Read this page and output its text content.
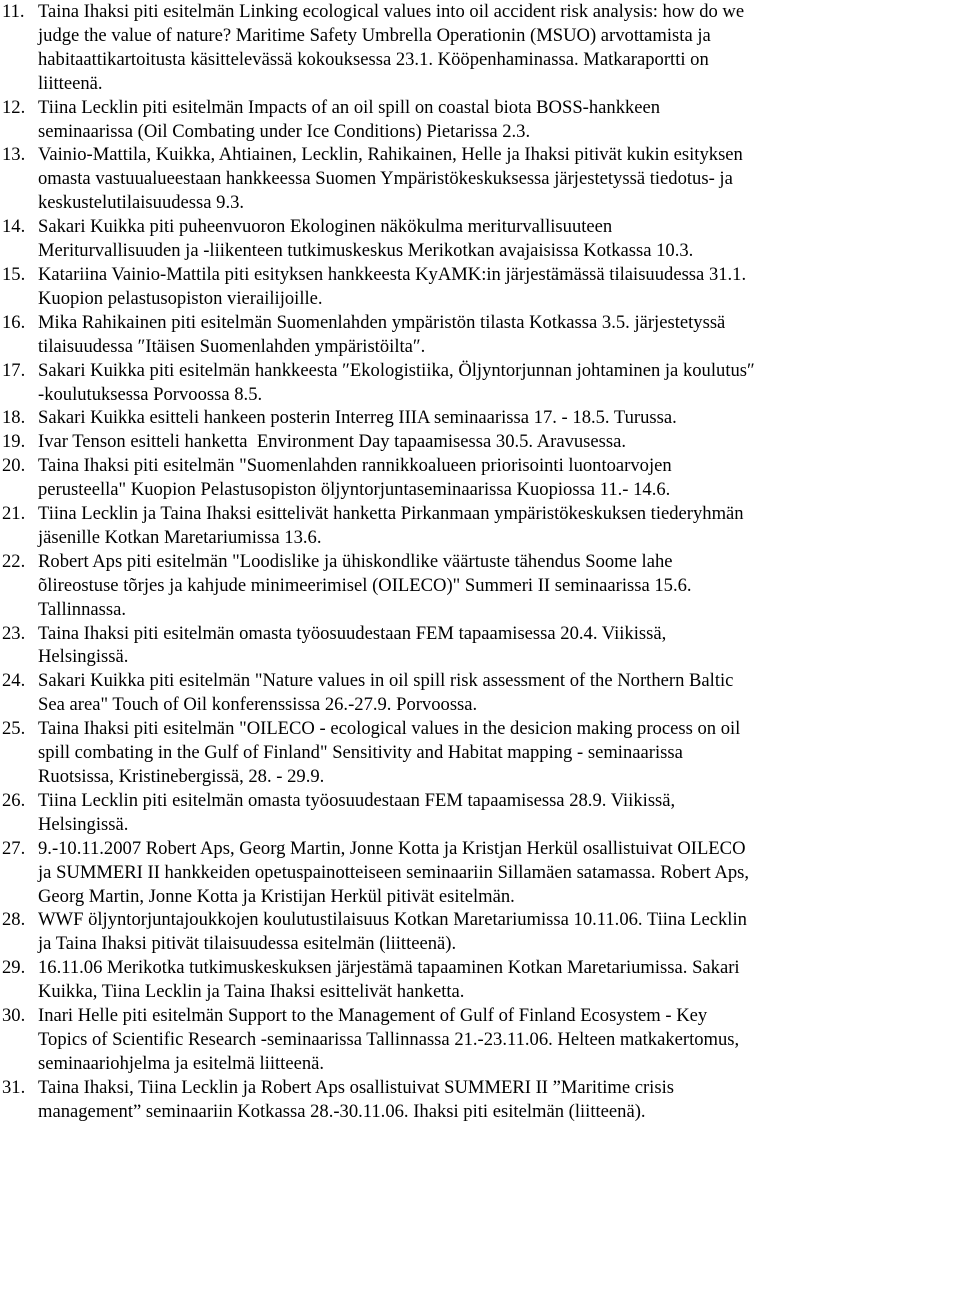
11. Taina Ihaksi piti esitelmän Linking ecological values into oil accident risk analysis: how do we
judge the value of nature? Maritime Safety Umbrella Operationin (MSUO) arvottamista ja
habitaattikartoitusta käsittelevässä kokouksessa 23.1. Kööpenhaminassa. Matkaraportti on
liitteenä.
12. Tiina Lecklin piti esitelmän Impacts of an oil spill on coastal biota BOSS-hankkeen
seminaarissa (Oil Combating under Ice Conditions) Pietarissa 2.3.
13. Vainio-Mattila, Kuikka, Ahtiainen, Lecklin, Rahikainen, Helle ja Ihaksi pitivät kukin esityksen
omasta vastuualueestaan hankkeessa Suomen Ympäristökeskuksessa järjestetyssä tiedotus- ja
keskustelutilaisuudessa 9.3.
14. Sakari Kuikka piti puheenvuoron Ekologinen näkökulma meriturvallisuuteen
Meriturvallisuuden ja -liikenteen tutkimuskeskus Merikotkan avajaisissa Kotkassa 10.3.
15. Katariina Vainio-Mattila piti esityksen hankkeesta KyAMK:in järjestämässä tilaisuudessa 31.1.
Kuopion pelastusopiston vierailijoille.
16. Mika Rahikainen piti esitelmän Suomenlahden ympäristön tilasta Kotkassa 3.5. järjestetyssä
tilaisuudessa ″Itäisen Suomenlahden ympäristöilta″.
17. Sakari Kuikka piti esitelmän hankkeesta ″Ekologistiika, Öljyntorjunnan johtaminen ja koulutus″
-koulutuksessa Porvoossa 8.5.
18. Sakari Kuikka esitteli hankeen posterin Interreg IIIA seminaarissa 17. - 18.5. Turussa.
19. Ivar Tenson esitteli hanketta  Environment Day tapaamisessa 30.5. Aravusessa.
20. Taina Ihaksi piti esitelmän "Suomenlahden rannikkoalueen priorisointi luontoarvojen
perusteella" Kuopion Pelastusopiston öljyntorjuntaseminaarissa Kuopiossa 11.- 14.6.
21. Tiina Lecklin ja Taina Ihaksi esittelivät hanketta Pirkanmaan ympäristökeskuksen tiederyhmän
jäsenille Kotkan Maretariumissa 13.6.
22. Robert Aps piti esitelmän "Loodislike ja ühiskondlike väärtuste tähendus Soome lahe
õlireostuse tõrjes ja kahjude minimeerimisel (OILECO)" Summeri II seminaarissa 15.6.
Tallinnassa.
23. Taina Ihaksi piti esitelmän omasta työosuudestaan FEM tapaamisessa 20.4. Viikissä,
Helsingissä.
24. Sakari Kuikka piti esitelmän "Nature values in oil spill risk assessment of the Northern Baltic
Sea area" Touch of Oil konferenssissa 26.-27.9. Porvoossa.
25. Taina Ihaksi piti esitelmän "OILECO - ecological values in the desicion making process on oil
spill combating in the Gulf of Finland" Sensitivity and Habitat mapping - seminaarissa
Ruotsissa, Kristinebergissä, 28. - 29.9.
26. Tiina Lecklin piti esitelmän omasta työosuudestaan FEM tapaamisessa 28.9. Viikissä,
Helsingissä.
27. 9.-10.11.2007 Robert Aps, Georg Martin, Jonne Kotta ja Kristjan Herkül osallistuivat OILECO
ja SUMMERI II hankkeiden opetuspainotteiseen seminaariin Sillamäen satamassa. Robert Aps,
Georg Martin, Jonne Kotta ja Kristijan Herkül pitivät esitelmän.
28. WWF öljyntorjuntajoukkojen koulutustilaisuus Kotkan Maretariumissa 10.11.06. Tiina Lecklin
ja Taina Ihaksi pitivät tilaisuudessa esitelmän (liitteenä).
29. 16.11.06 Merikotka tutkimuskeskuksen järjestämä tapaaminen Kotkan Maretariumissa. Sakari
Kuikka, Tiina Lecklin ja Taina Ihaksi esittelivät hanketta.
30. Inari Helle piti esitelmän Support to the Management of Gulf of Finland Ecosystem - Key
Topics of Scientific Research -seminaarissa Tallinnassa 21.-23.11.06. Helteen matkakertomus,
seminaariohjelma ja esitelmä liitteenä.
31. Taina Ihaksi, Tiina Lecklin ja Robert Aps osallistuivat SUMMERI II ”Maritime crisis
management” seminaariin Kotkassa 28.-30.11.06. Ihaksi piti esitelmän (liitteenä).
